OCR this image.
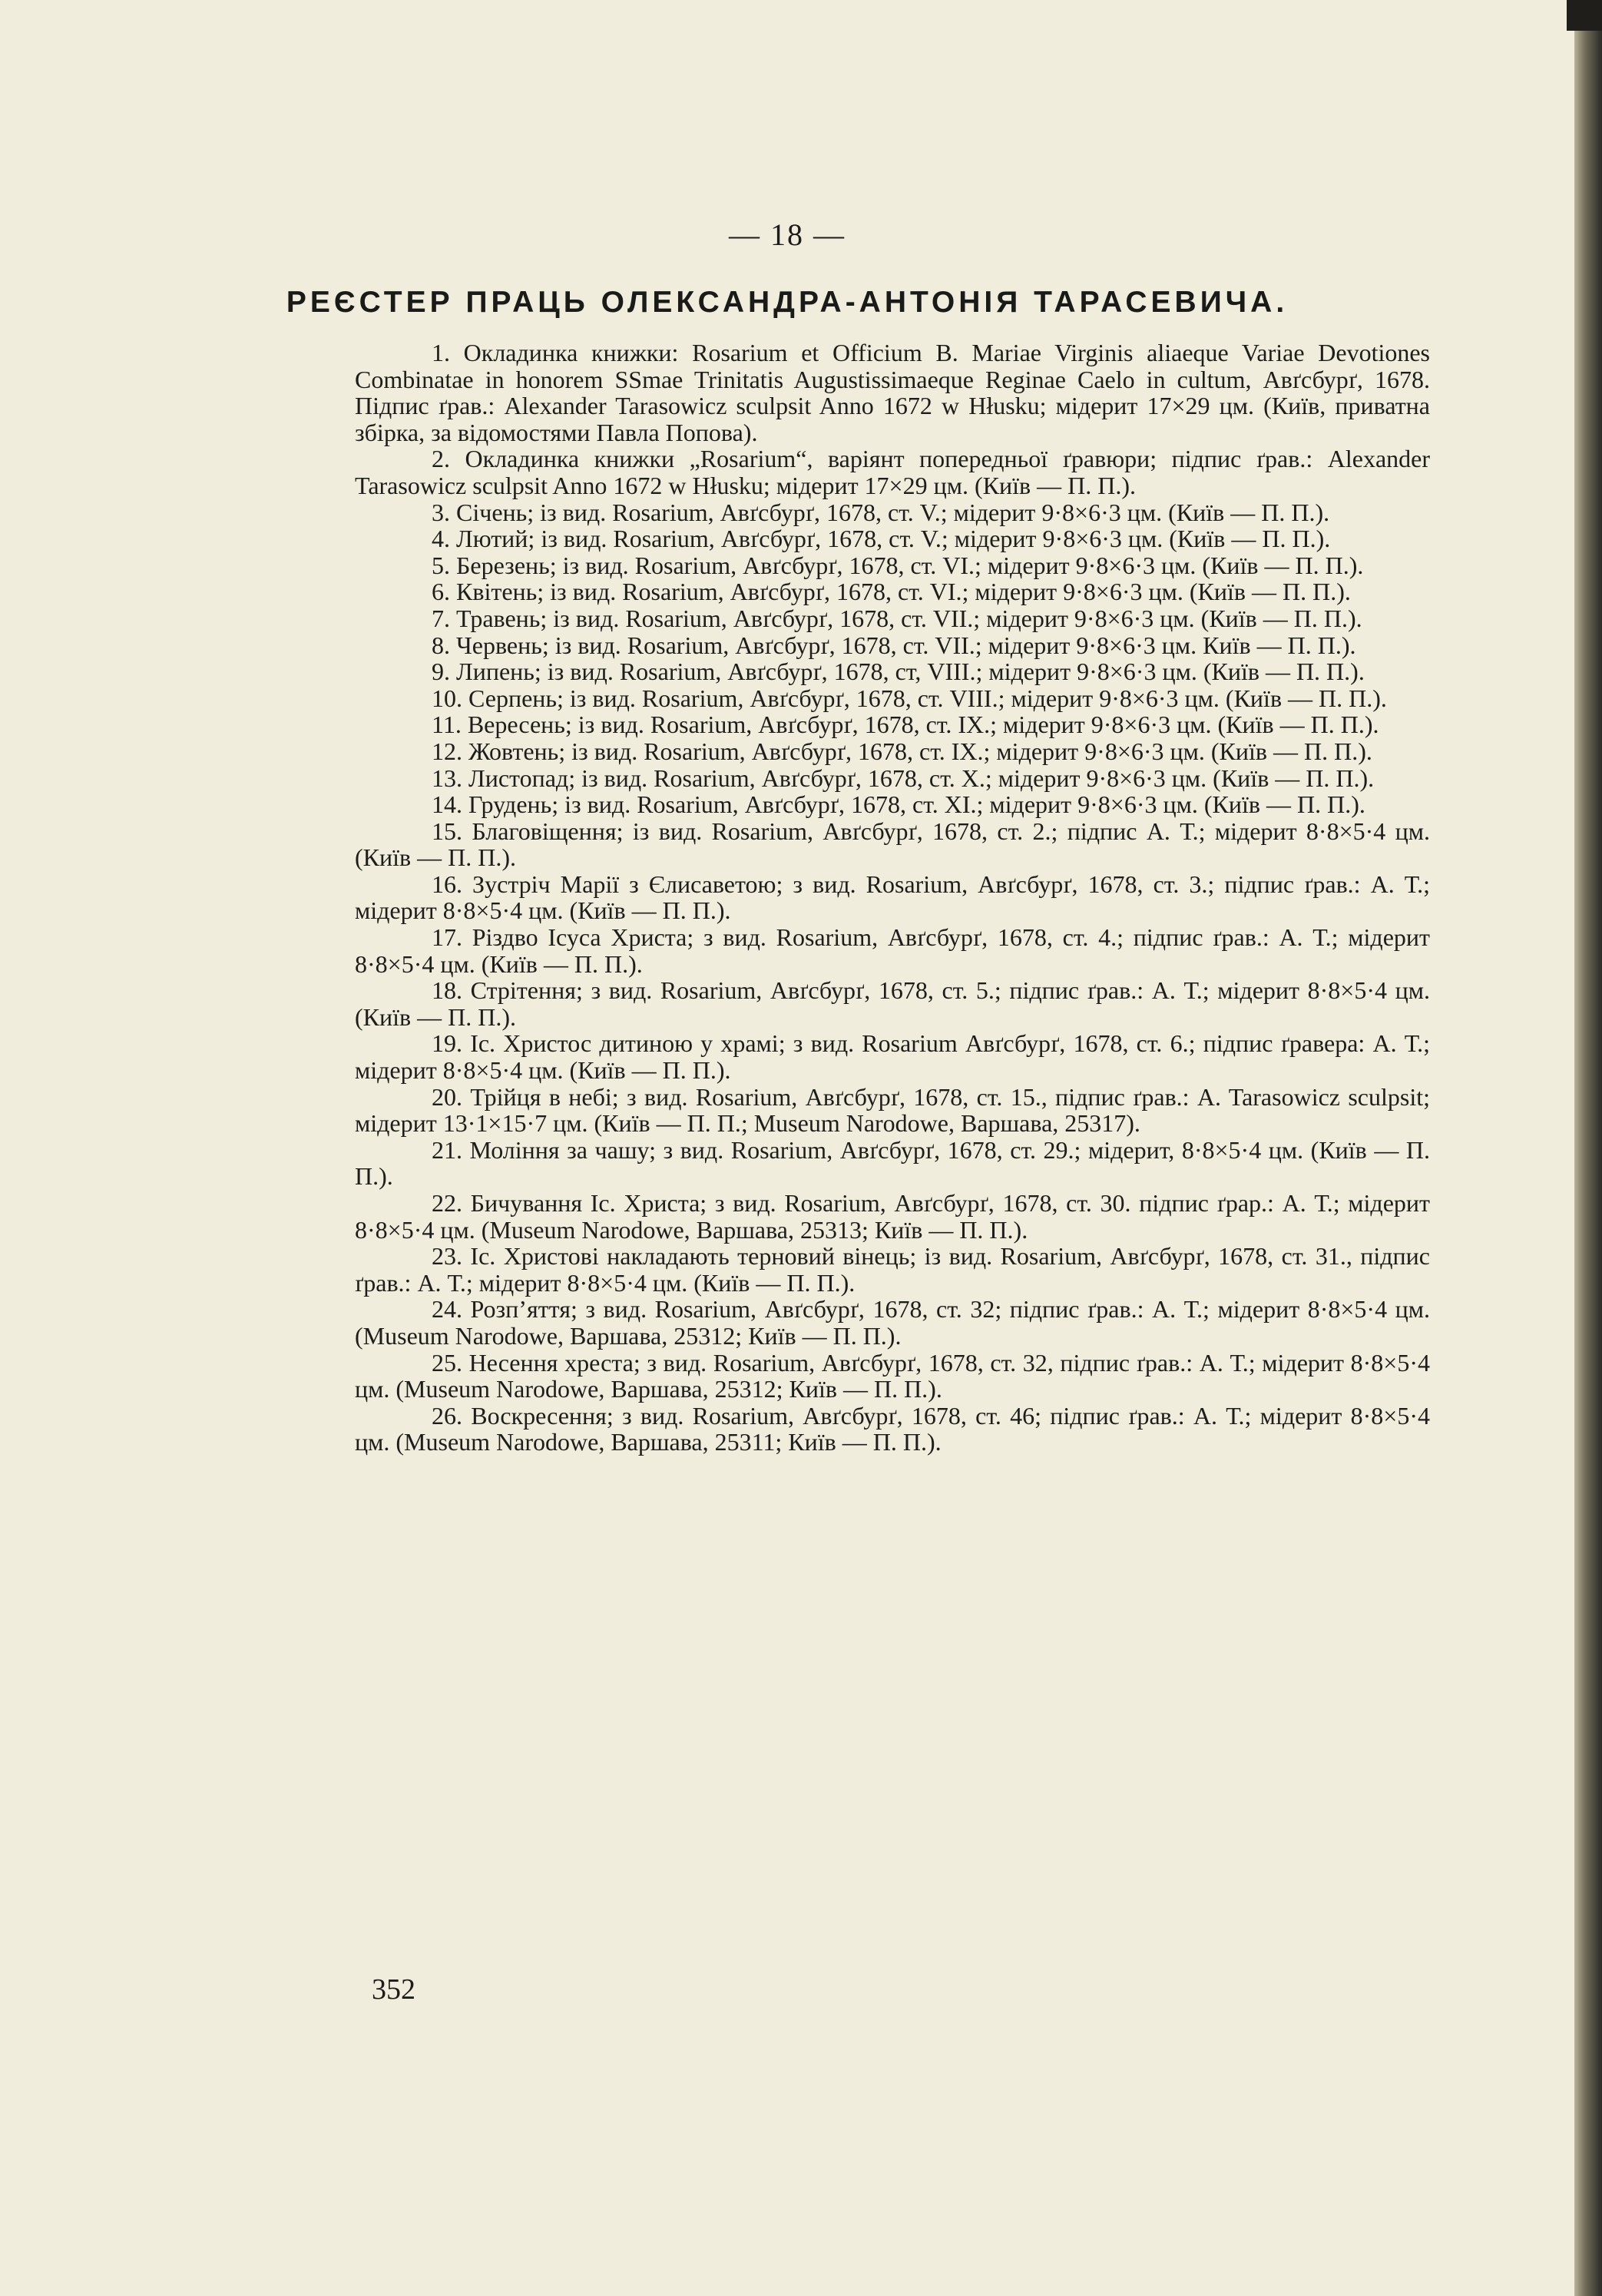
— 18 —
РЕЄСТЕР ПРАЦЬ ОЛЕКСАНДРА-АНТОНІЯ ТАРАСЕВИЧА.

1. Окладинка книжки: Rosarium et Officium B. Mariae Virginis aliaeque Variae Devotiones Combinatae in honorem SSmae Trinitatis Augustissimaeque Reginae Caelo in cultum, Авґсбурґ, 1678. Підпис ґрав.: Alexander Tarasowicz sculpsit Anno 1672 w Hłusku; мідерит 17×29 цм. (Київ, приватна збірка, за відомостями Павла Попова).

2. Окладинка книжки „Rosarium“, варіянт попередньої ґравюри; підпис ґрав.: Alexander Tarasowicz sculpsit Anno 1672 w Hłusku; мідерит 17×29 цм. (Київ — П. П.).

3. Січень; із вид. Rosarium, Авґсбурґ, 1678, ст. V.; мідерит 9·8×6·3 цм. (Київ — П. П.).

4. Лютий; із вид. Rosarium, Авґсбурґ, 1678, ст. V.; мідерит 9·8×6·3 цм. (Київ — П. П.).

5. Березень; із вид. Rosarium, Авґсбурґ, 1678, ст. VI.; мідерит 9·8×6·3 цм. (Київ — П. П.).

6. Квітень; із вид. Rosarium, Авґсбурґ, 1678, ст. VI.; мідерит 9·8×6·3 цм. (Київ — П. П.).

7. Травень; із вид. Rosarium, Авґсбурґ, 1678, ст. VII.; мідерит 9·8×6·3 цм. (Київ — П. П.).

8. Червень; із вид. Rosarium, Авґсбурґ, 1678, ст. VII.; мідерит 9·8×6·3 цм. Київ — П. П.).

9. Липень; із вид. Rosarium, Авґсбурґ, 1678, ст, VIII.; мідерит 9·8×6·3 цм. (Київ — П. П.).

10. Серпень; із вид. Rosarium, Авґсбурґ, 1678, ст. VIII.; мідерит 9·8×6·3 цм. (Київ — П. П.).

11. Вересень; із вид. Rosarium, Авґсбурґ, 1678, ст. IX.; мідерит 9·8×6·3 цм. (Київ — П. П.).

12. Жовтень; із вид. Rosarium, Авґсбурґ, 1678, ст. IX.; мідерит 9·8×6·3 цм. (Київ — П. П.).

13. Листопад; із вид. Rosarium, Авґсбурґ, 1678, ст. X.; мідерит 9·8×6·3 цм. (Київ — П. П.).

14. Грудень; із вид. Rosarium, Авґсбурґ, 1678, ст. XI.; мідерит 9·8×6·3 цм. (Київ — П. П.).

15. Благовіщення; із вид. Rosarium, Авґсбурґ, 1678, ст. 2.; підпис А. Т.; мідерит 8·8×5·4 цм. (Київ — П. П.).

16. Зустріч Марії з Єлисаветою; з вид. Rosarium, Авґсбурґ, 1678, ст. 3.; підпис ґрав.: А. Т.; мідерит 8·8×5·4 цм. (Київ — П. П.).

17. Різдво Ісуса Христа; з вид. Rosarium, Авґсбурґ, 1678, ст. 4.; підпис ґрав.: А. Т.; мідерит 8·8×5·4 цм. (Київ — П. П.).

18. Стрітення; з вид. Rosarium, Авґсбурґ, 1678, ст. 5.; підпис ґрав.: А. Т.; мідерит 8·8×5·4 цм. (Київ — П. П.).

19. Іс. Христос дитиною у храмі; з вид. Rosarium Авґсбурґ, 1678, ст. 6.; підпис ґравера: А. Т.; мідерит 8·8×5·4 цм. (Київ — П. П.).

20. Трійця в небі; з вид. Rosarium, Авґсбурґ, 1678, ст. 15., підпис ґрав.: A. Tarasowicz sculpsit; мідерит 13·1×15·7 цм. (Київ — П. П.; Museum Narodowe, Варшава, 25317).

21. Моління за чашу; з вид. Rosarium, Авґсбурґ, 1678, ст. 29.; мідерит, 8·8×5·4 цм. (Київ — П. П.).

22. Бичування Іс. Христа; з вид. Rosarium, Авґсбурґ, 1678, ст. 30. підпис ґрар.: А. Т.; мідерит 8·8×5·4 цм. (Museum Narodowe, Варшава, 25313; Київ — П. П.).

23. Іс. Христові накладають терновий вінець; із вид. Rosarium, Авґсбурґ, 1678, ст. 31., підпис ґрав.: А. Т.; мідерит 8·8×5·4 цм. (Київ — П. П.).

24. Розп’яття; з вид. Rosarium, Авґсбурґ, 1678, ст. 32; підпис ґрав.: А. Т.; мідерит 8·8×5·4 цм. (Museum Narodowe, Варшава, 25312; Київ — П. П.).

25. Несення хреста; з вид. Rosarium, Авґсбурґ, 1678, ст. 32, підпис ґрав.: А. Т.; мідерит 8·8×5·4 цм. (Museum Narodowe, Варшава, 25312; Київ — П. П.).

26. Воскресення; з вид. Rosarium, Авґсбурґ, 1678, ст. 46; підпис ґрав.: А. Т.; мідерит 8·8×5·4 цм. (Museum Narodowe, Варшава, 25311; Київ — П. П.).

352
